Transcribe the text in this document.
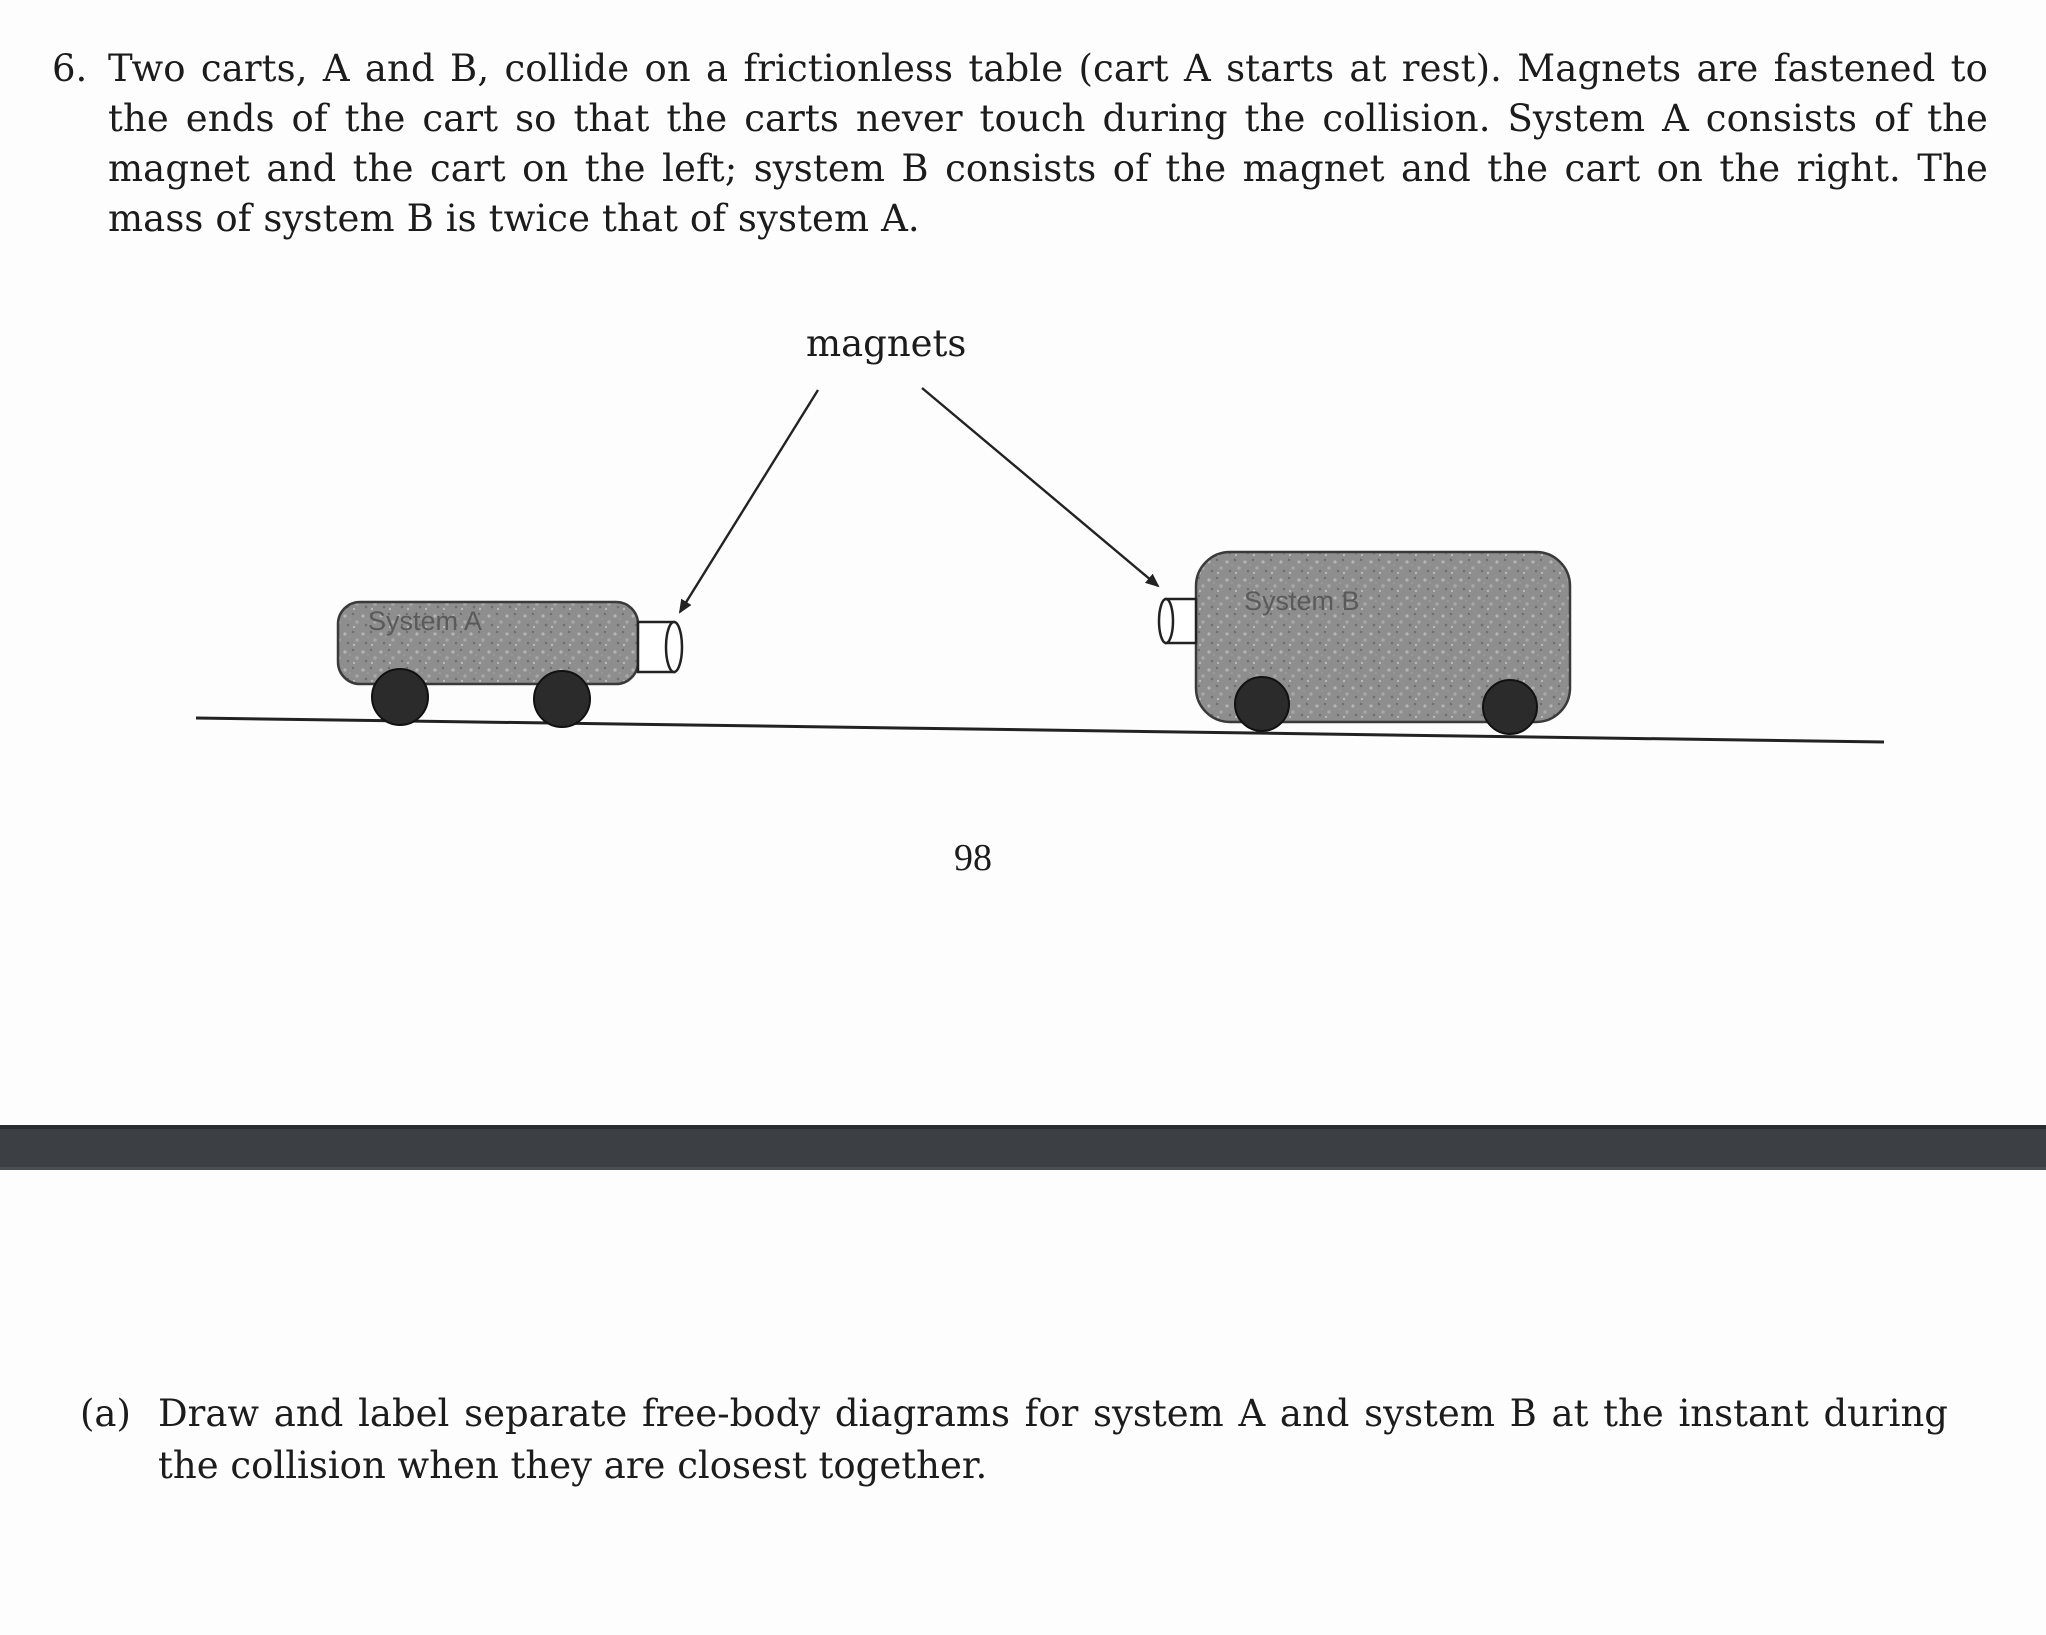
6. Two carts, A and B, collide on a frictionless table (cart A starts at rest). Magnets are fastened to the ends of the cart so that the carts never touch during the collision. System A consists of the magnet and the cart on the left; system B consists of the magnet and the cart on the right. The mass of system B is twice that of system A.
System A
System B
magnets
98
(a) Draw and label separate free-body diagrams for system A and system B at the instant during the collision when they are closest together.
